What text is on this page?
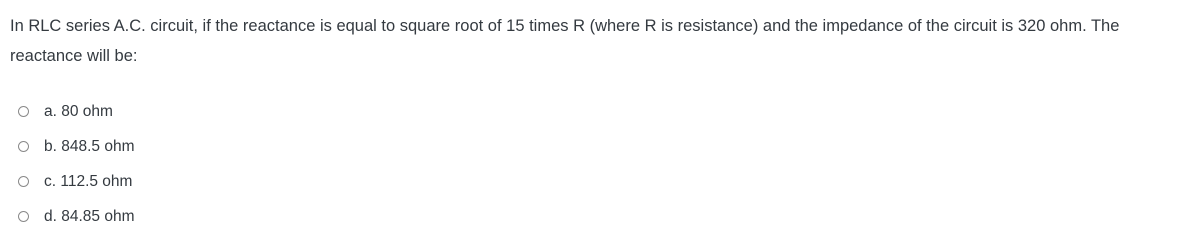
In RLC series A.C. circuit, if the reactance is equal to square root of 15 times R (where R is resistance) and the impedance of the circuit is 320 ohm. The reactance will be:
a. 80 ohm
b. 848.5 ohm
c. 112.5 ohm
d. 84.85 ohm
